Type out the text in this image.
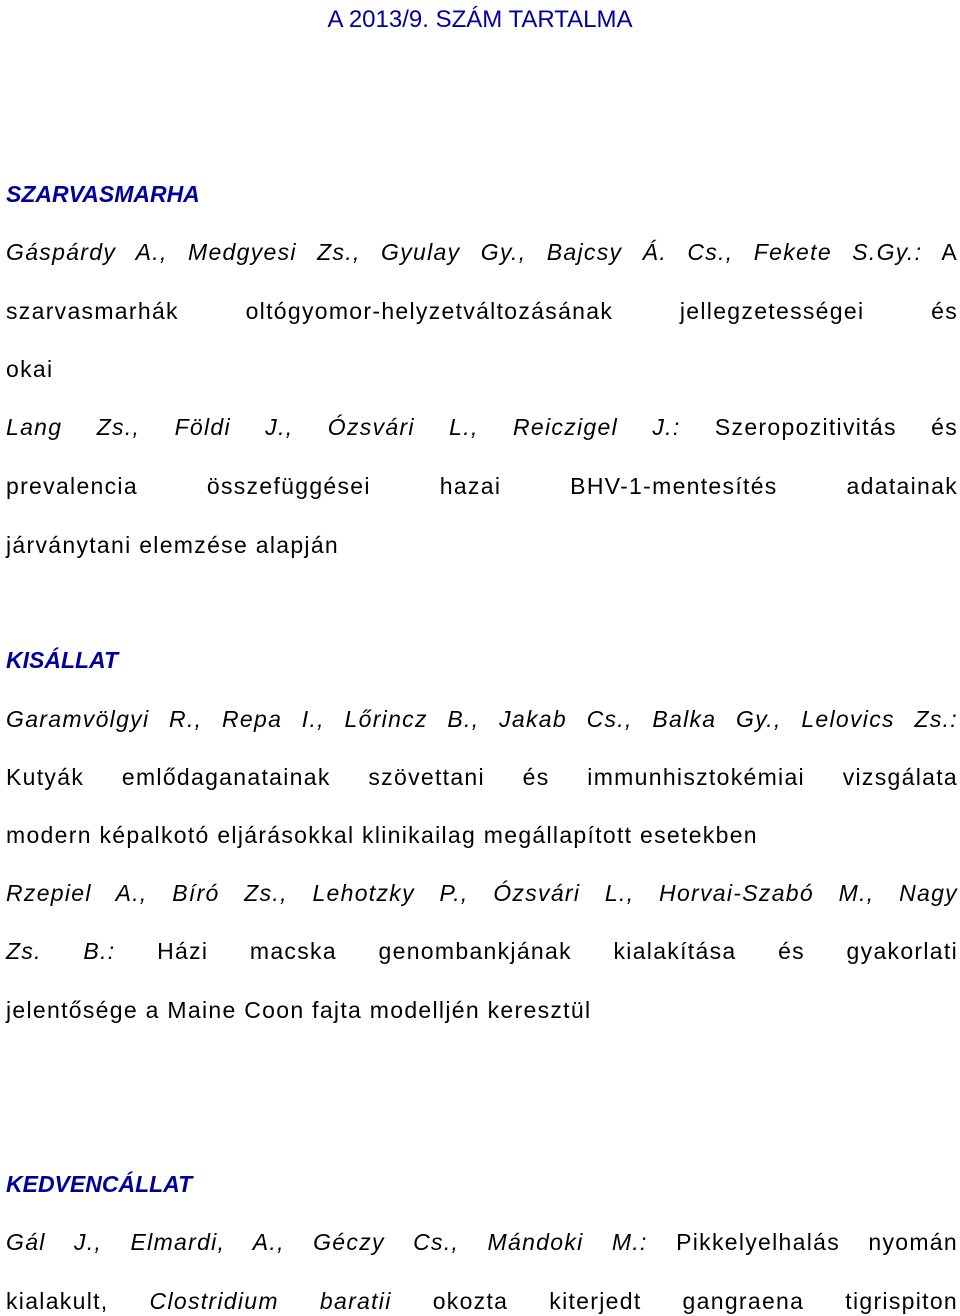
A 2013/9. SZÁM TARTALMA
SZARVASMARHA
Gáspárdy A., Medgyesi Zs., Gyulay Gy., Bajcsy Á. Cs., Fekete S.Gy.: A
szarvasmarhák oltógyomor-helyzetváltozásának jellegzetességei és
okai
Lang Zs., Földi J., Ózsvári L., Reiczigel J.: Szeropozitivitás és
prevalencia összefüggései hazai BHV-1-mentesítés adatainak
járványtani elemzése alapján
KISÁLLAT
Garamvölgyi R., Repa I., Lőrincz B., Jakab Cs., Balka Gy., Lelovics Zs.:
Kutyák emlődaganatainak szövettani és immunhisztokémiai vizsgálata
modern képalkotó eljárásokkal klinikailag megállapított esetekben
Rzepiel A., Bíró Zs., Lehotzky P., Ózsvári L., Horvai-Szabó M., Nagy
Zs. B.: Házi macska genombankjának kialakítása és gyakorlati
jelentősége a Maine Coon fajta modelljén keresztül
KEDVENCÁLLAT
Gál J., Elmardi, A., Géczy Cs., Mándoki M.: Pikkelyelhalás nyomán
kialakult, Clostridium baratii okozta kiterjedt gangraena tigrispiton
